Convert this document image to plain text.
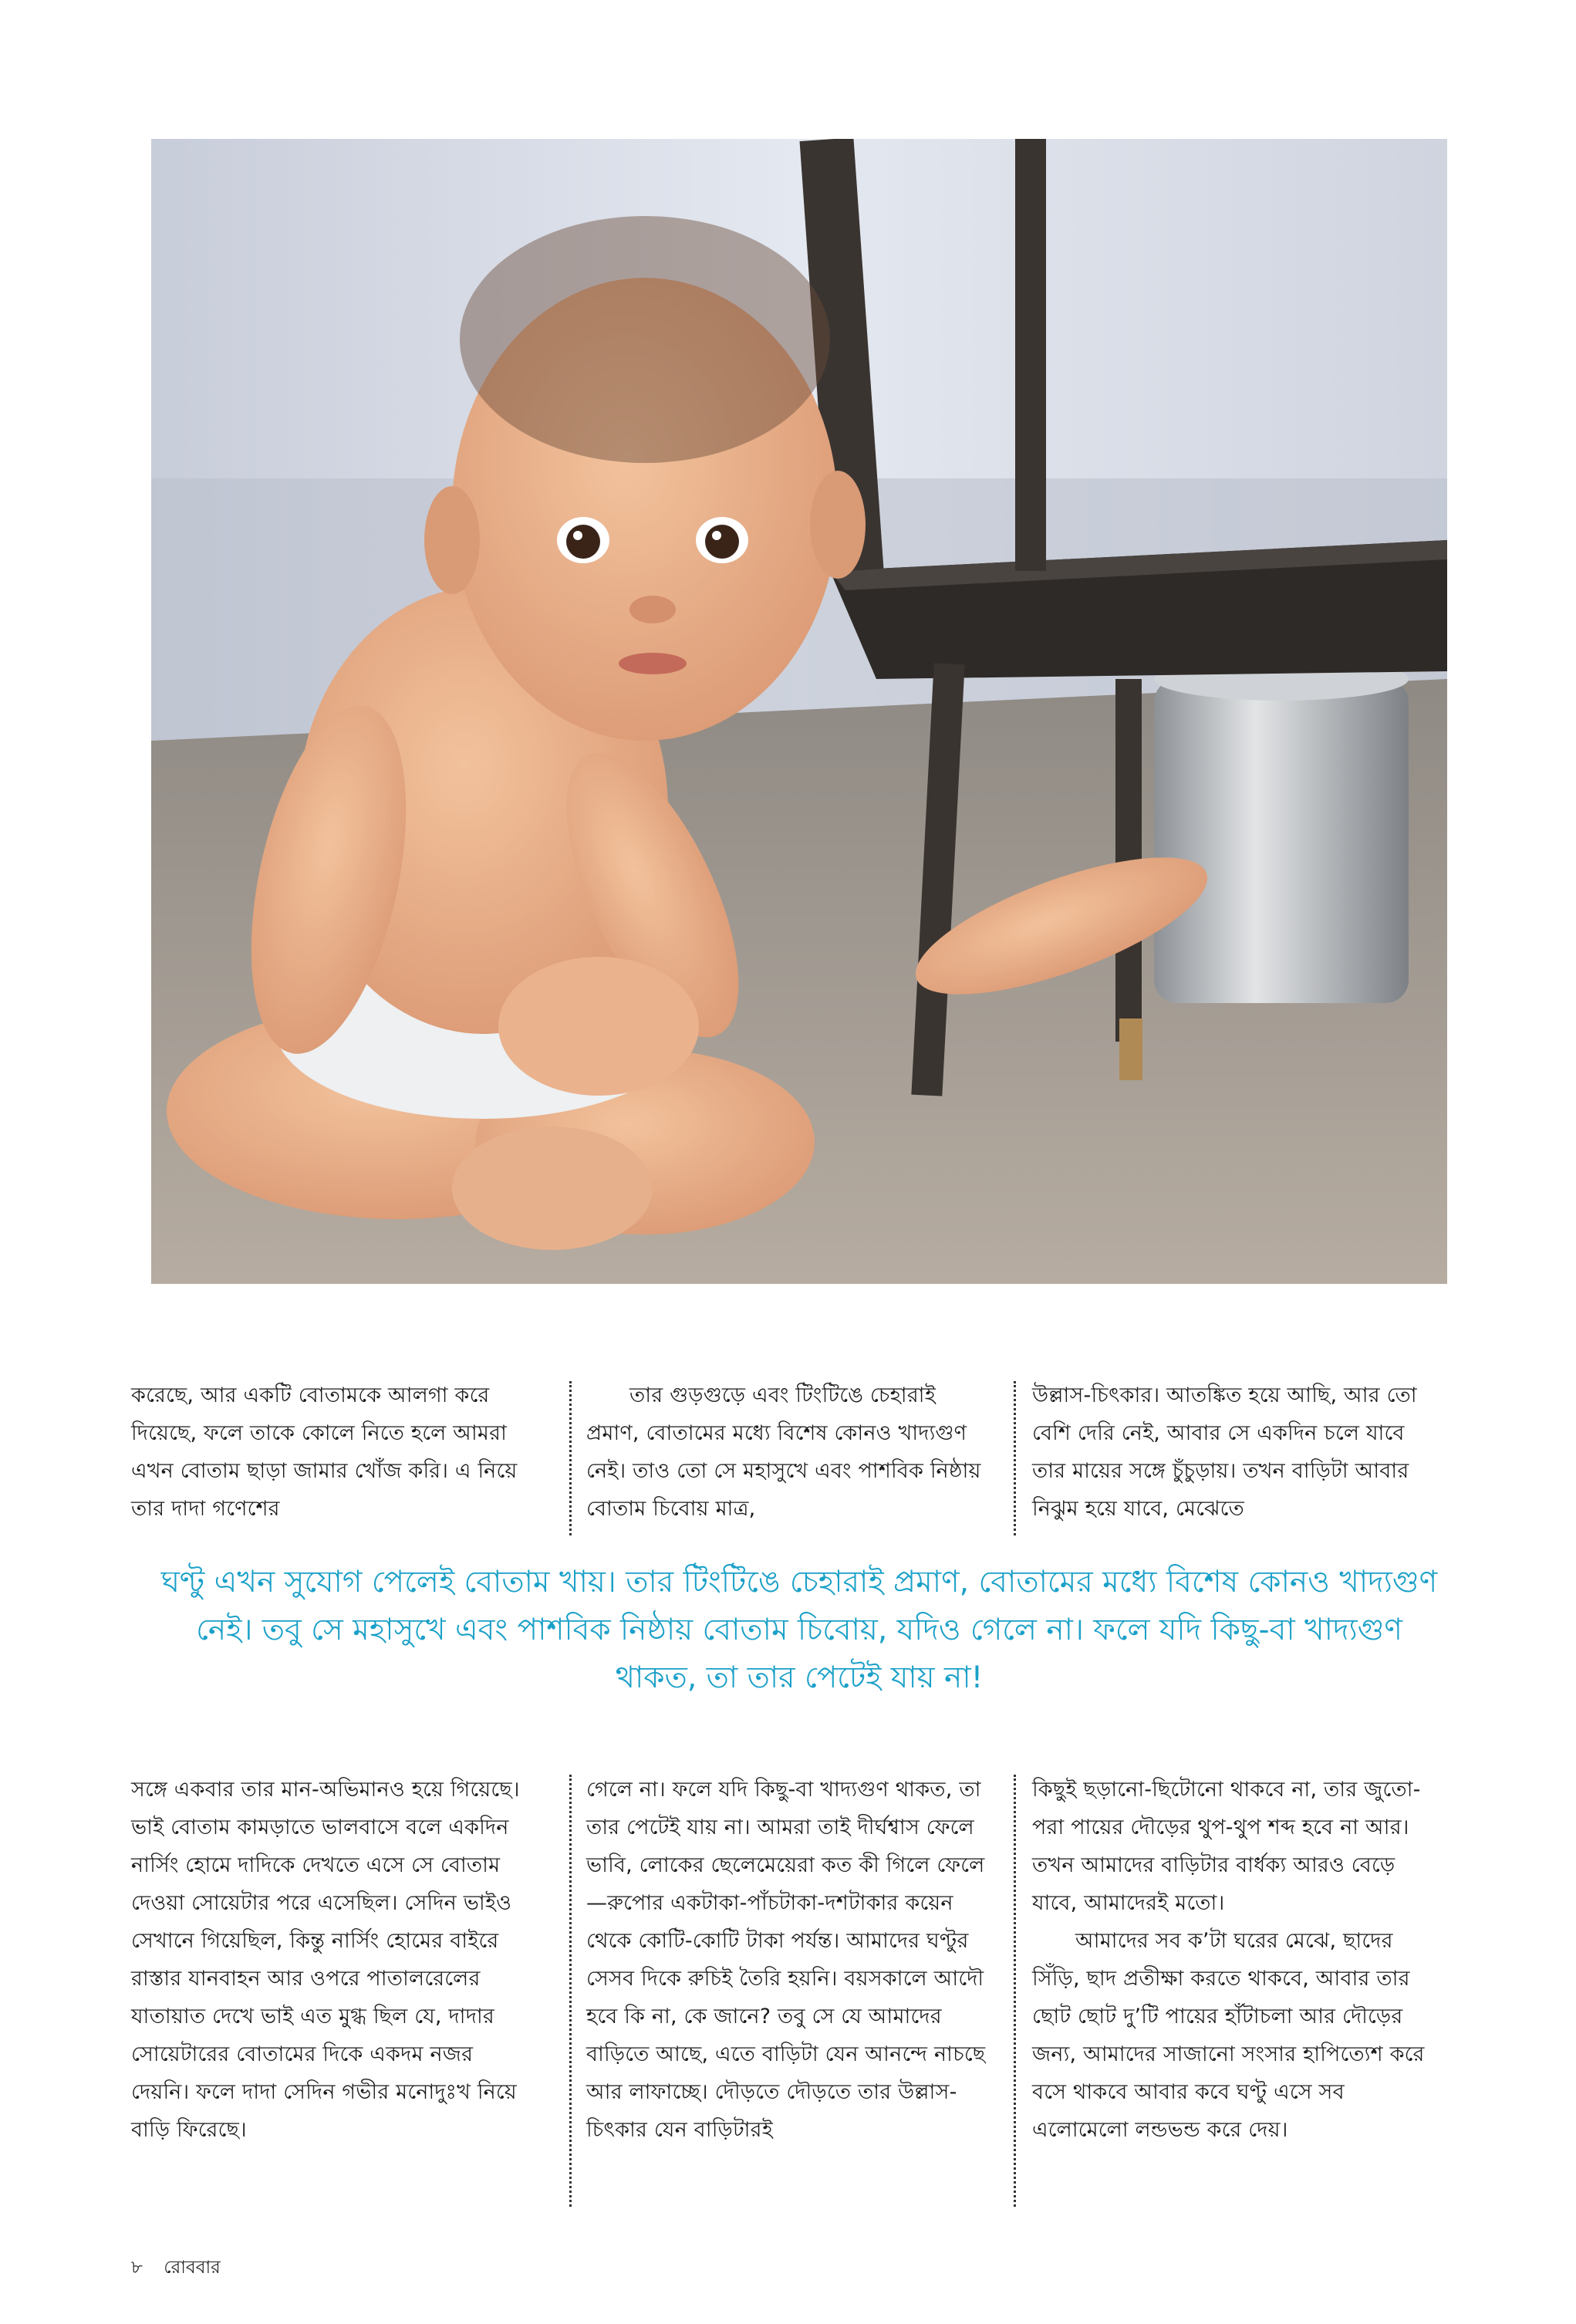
করেছে, আর একটি বোতামকে আলগা করে দিয়েছে, ফলে তাকে কোলে নিতে হলে আমরা এখন বোতাম ছাড়া জামার খোঁজ করি। এ নিয়ে তার দাদা গণেশের

তার গুড়গুড়ে এবং টিংটিঙে চেহারাই প্রমাণ, বোতামের মধ্যে বিশেষ কোনও খাদ্যগুণ নেই। তাও তো সে মহাসুখে এবং পাশবিক নিষ্ঠায় বোতাম চিবোয় মাত্র,

উল্লাস-চিৎকার। আতঙ্কিত হয়ে আছি, আর তো বেশি দেরি নেই, আবার সে একদিন চলে যাবে তার মায়ের সঙ্গে চুঁচুড়ায়। তখন বাড়িটা আবার নিঝুম হয়ে যাবে, মেঝেতে

ঘণ্টু এখন সুযোগ পেলেই বোতাম খায়। তার টিংটিঙে চেহারাই প্রমাণ, বোতামের মধ্যে বিশেষ কোনও খাদ্যগুণ নেই। তবু সে মহাসুখে এবং পাশবিক নিষ্ঠায় বোতাম চিবোয়, যদিও গেলে না। ফলে যদি কিছু-বা খাদ্যগুণ থাকত, তা তার পেটেই যায় না!

সঙ্গে একবার তার মান-অভিমানও হয়ে গিয়েছে। ভাই বোতাম কামড়াতে ভালবাসে বলে একদিন নার্সিং হোমে দাদিকে দেখতে এসে সে বোতাম দেওয়া সোয়েটার পরে এসেছিল। সেদিন ভাইও সেখানে গিয়েছিল, কিন্তু নার্সিং হোমের বাইরে রাস্তার যানবাহন আর ওপরে পাতালরেলের যাতায়াত দেখে ভাই এত মুগ্ধ ছিল যে, দাদার সোয়েটারের বোতামের দিকে একদম নজর দেয়নি। ফলে দাদা সেদিন গভীর মনোদুঃখ নিয়ে বাড়ি ফিরেছে।

গেলে না। ফলে যদি কিছু-বা খাদ্যগুণ থাকত, তা তার পেটেই যায় না। আমরা তাই দীর্ঘশ্বাস ফেলে ভাবি, লোকের ছেলেমেয়েরা কত কী গিলে ফেলে—রুপোর একটাকা-পাঁচটাকা-দশটাকার কয়েন থেকে কোটি-কোটি টাকা পর্যন্ত। আমাদের ঘণ্টুর সেসব দিকে রুচিই তৈরি হয়নি। বয়সকালে আদৌ হবে কি না, কে জানে? তবু সে যে আমাদের বাড়িতে আছে, এতে বাড়িটা যেন আনন্দে নাচছে আর লাফাচ্ছে। দৌড়তে দৌড়তে তার উল্লাস-চিৎকার যেন বাড়িটারই

কিছুই ছড়ানো-ছিটোনো থাকবে না, তার জুতো-পরা পায়ের দৌড়ের থুপ-থুপ শব্দ হবে না আর। তখন আমাদের বাড়িটার বার্ধক্য আরও বেড়ে যাবে, আমাদেরই মতো।

আমাদের সব ক’টা ঘরের মেঝে, ছাদের সিঁড়ি, ছাদ প্রতীক্ষা করতে থাকবে, আবার তার ছোট ছোট দু’টি পায়ের হাঁটাচলা আর দৌড়ের জন্য, আমাদের সাজানো সংসার হাপিত্যেশ করে বসে থাকবে আবার কবে ঘণ্টু এসে সব এলোমেলো লন্ডভন্ড করে দেয়।

৮ রোববার
